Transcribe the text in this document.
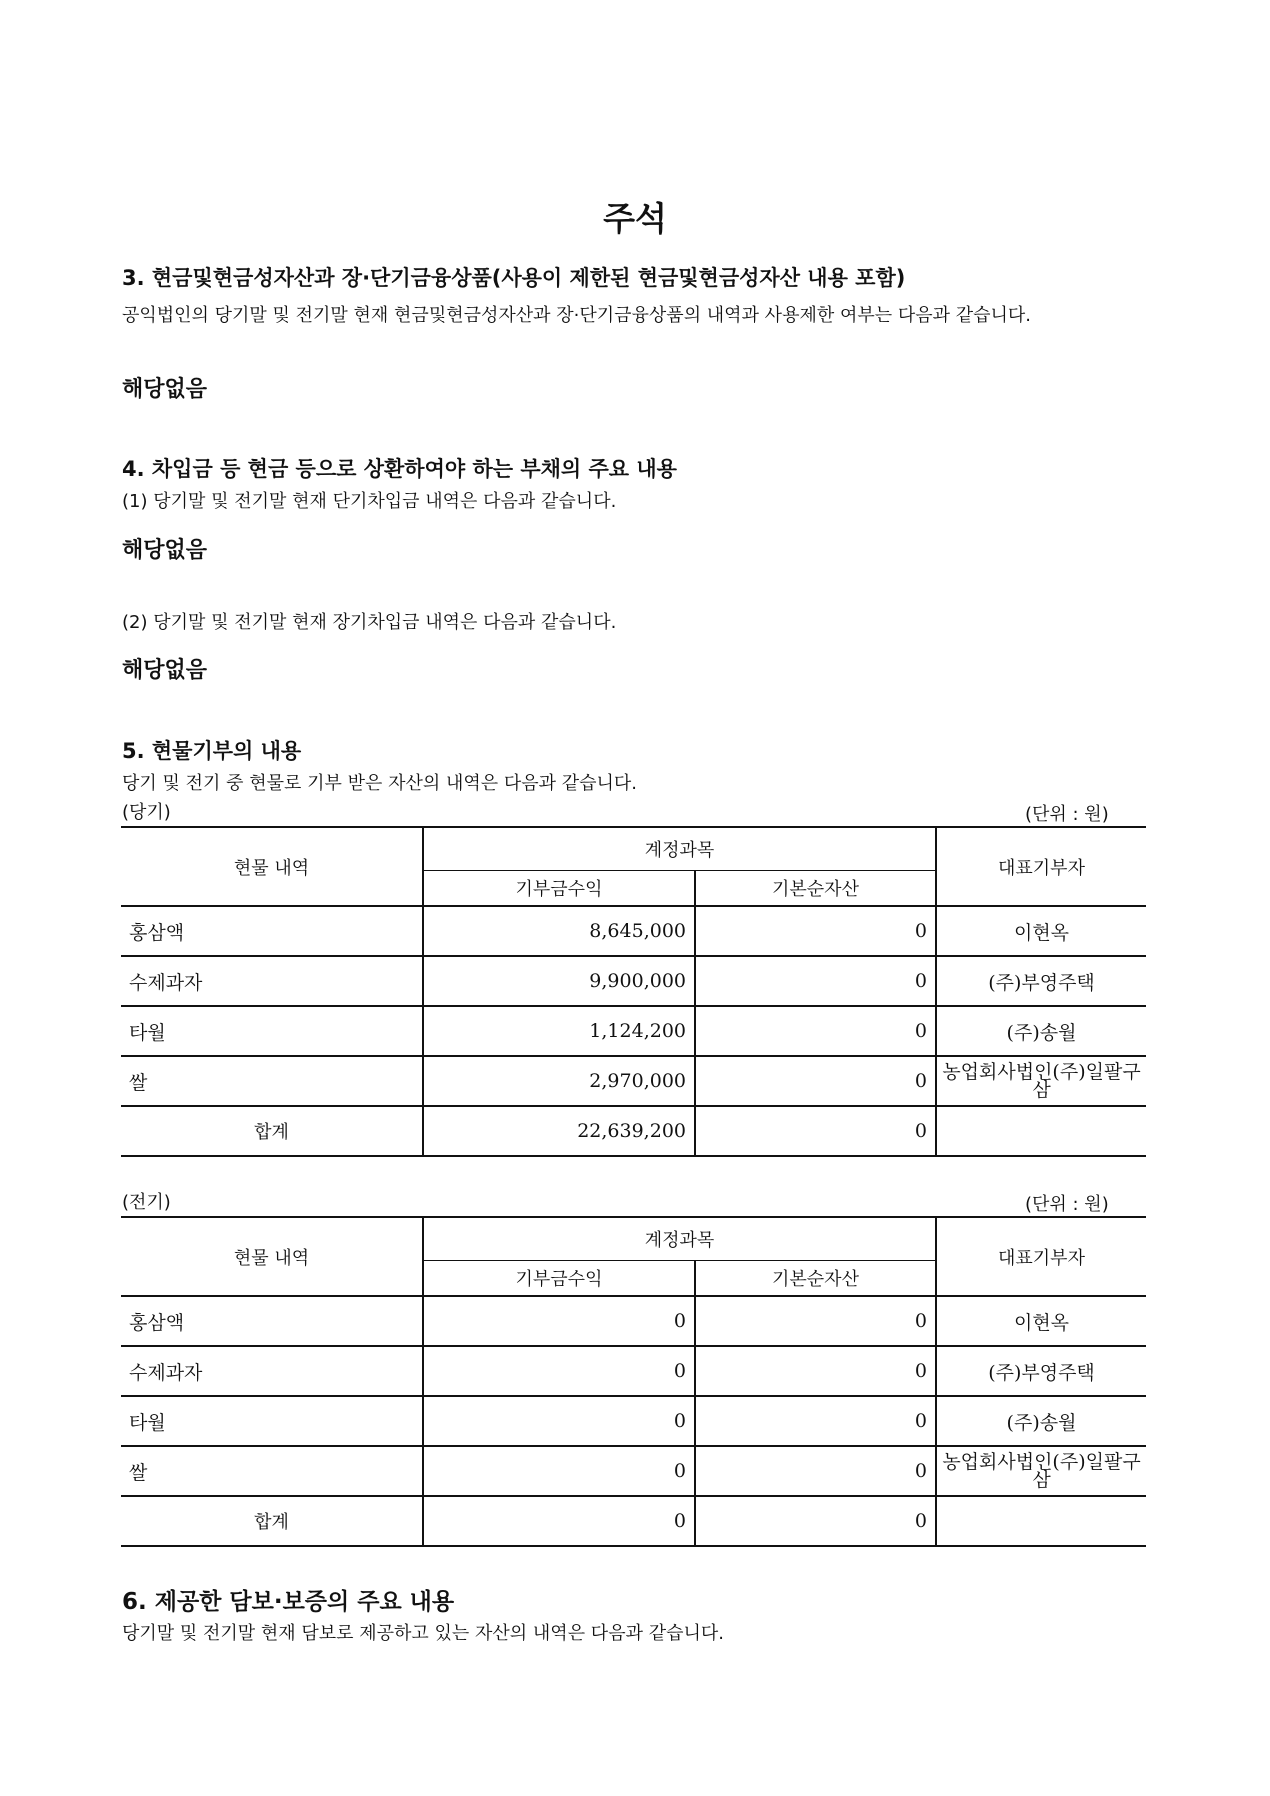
주석
3. 현금및현금성자산과 장·단기금융상품(사용이 제한된 현금및현금성자산 내용 포함)
공익법인의 당기말 및 전기말 현재 현금및현금성자산과 장·단기금융상품의 내역과 사용제한 여부는 다음과 같습니다.
해당없음
4. 차입금 등 현금 등으로 상환하여야 하는 부채의 주요 내용
(1) 당기말 및 전기말 현재 단기차입금 내역은 다음과 같습니다.
해당없음
(2) 당기말 및 전기말 현재 장기차입금 내역은 다음과 같습니다.
해당없음
5. 현물기부의 내용
당기 및 전기 중 현물로 기부 받은 자산의 내역은 다음과 같습니다.
(당기)	(단위 : 원)
현물 내역	계정과목		대표기부자
	기부금수익	기본순자산	
홍삼액	8,645,000	0	이현옥
수제과자	9,900,000	0	(주)부영주택
타월	1,124,200	0	(주)송월
쌀	2,970,000	0	농업회사법인(주)일팔구삼
합계	22,639,200	0	
(전기)	(단위 : 원)
현물 내역	계정과목		대표기부자
	기부금수익	기본순자산	
홍삼액	0	0	이현옥
수제과자	0	0	(주)부영주택
타월	0	0	(주)송월
쌀	0	0	농업회사법인(주)일팔구삼
합계	0	0	
6. 제공한 담보·보증의 주요 내용
당기말 및 전기말 현재 담보로 제공하고 있는 자산의 내역은 다음과 같습니다.
